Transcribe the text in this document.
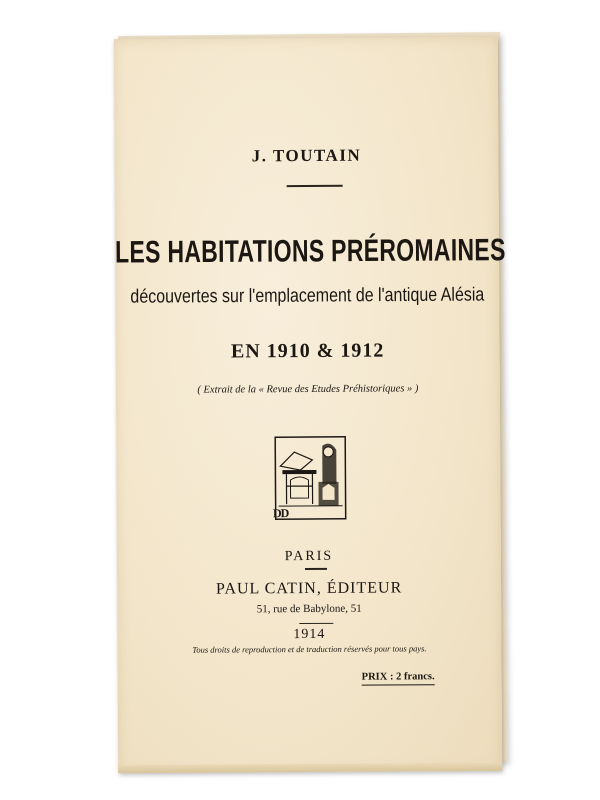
J. TOUTAIN
LES HABITATIONS PRÉROMAINES
découvertes sur l'emplacement de l'antique Alésia
EN 1910 & 1912
( Extrait de la « Revue des Etudes Préhistoriques » )
DD
PARIS
PAUL CATIN, ÉDITEUR
51, rue de Babylone, 51
1914
Tous droits de reproduction et de traduction réservés pour tous pays.
PRIX : 2 francs.
